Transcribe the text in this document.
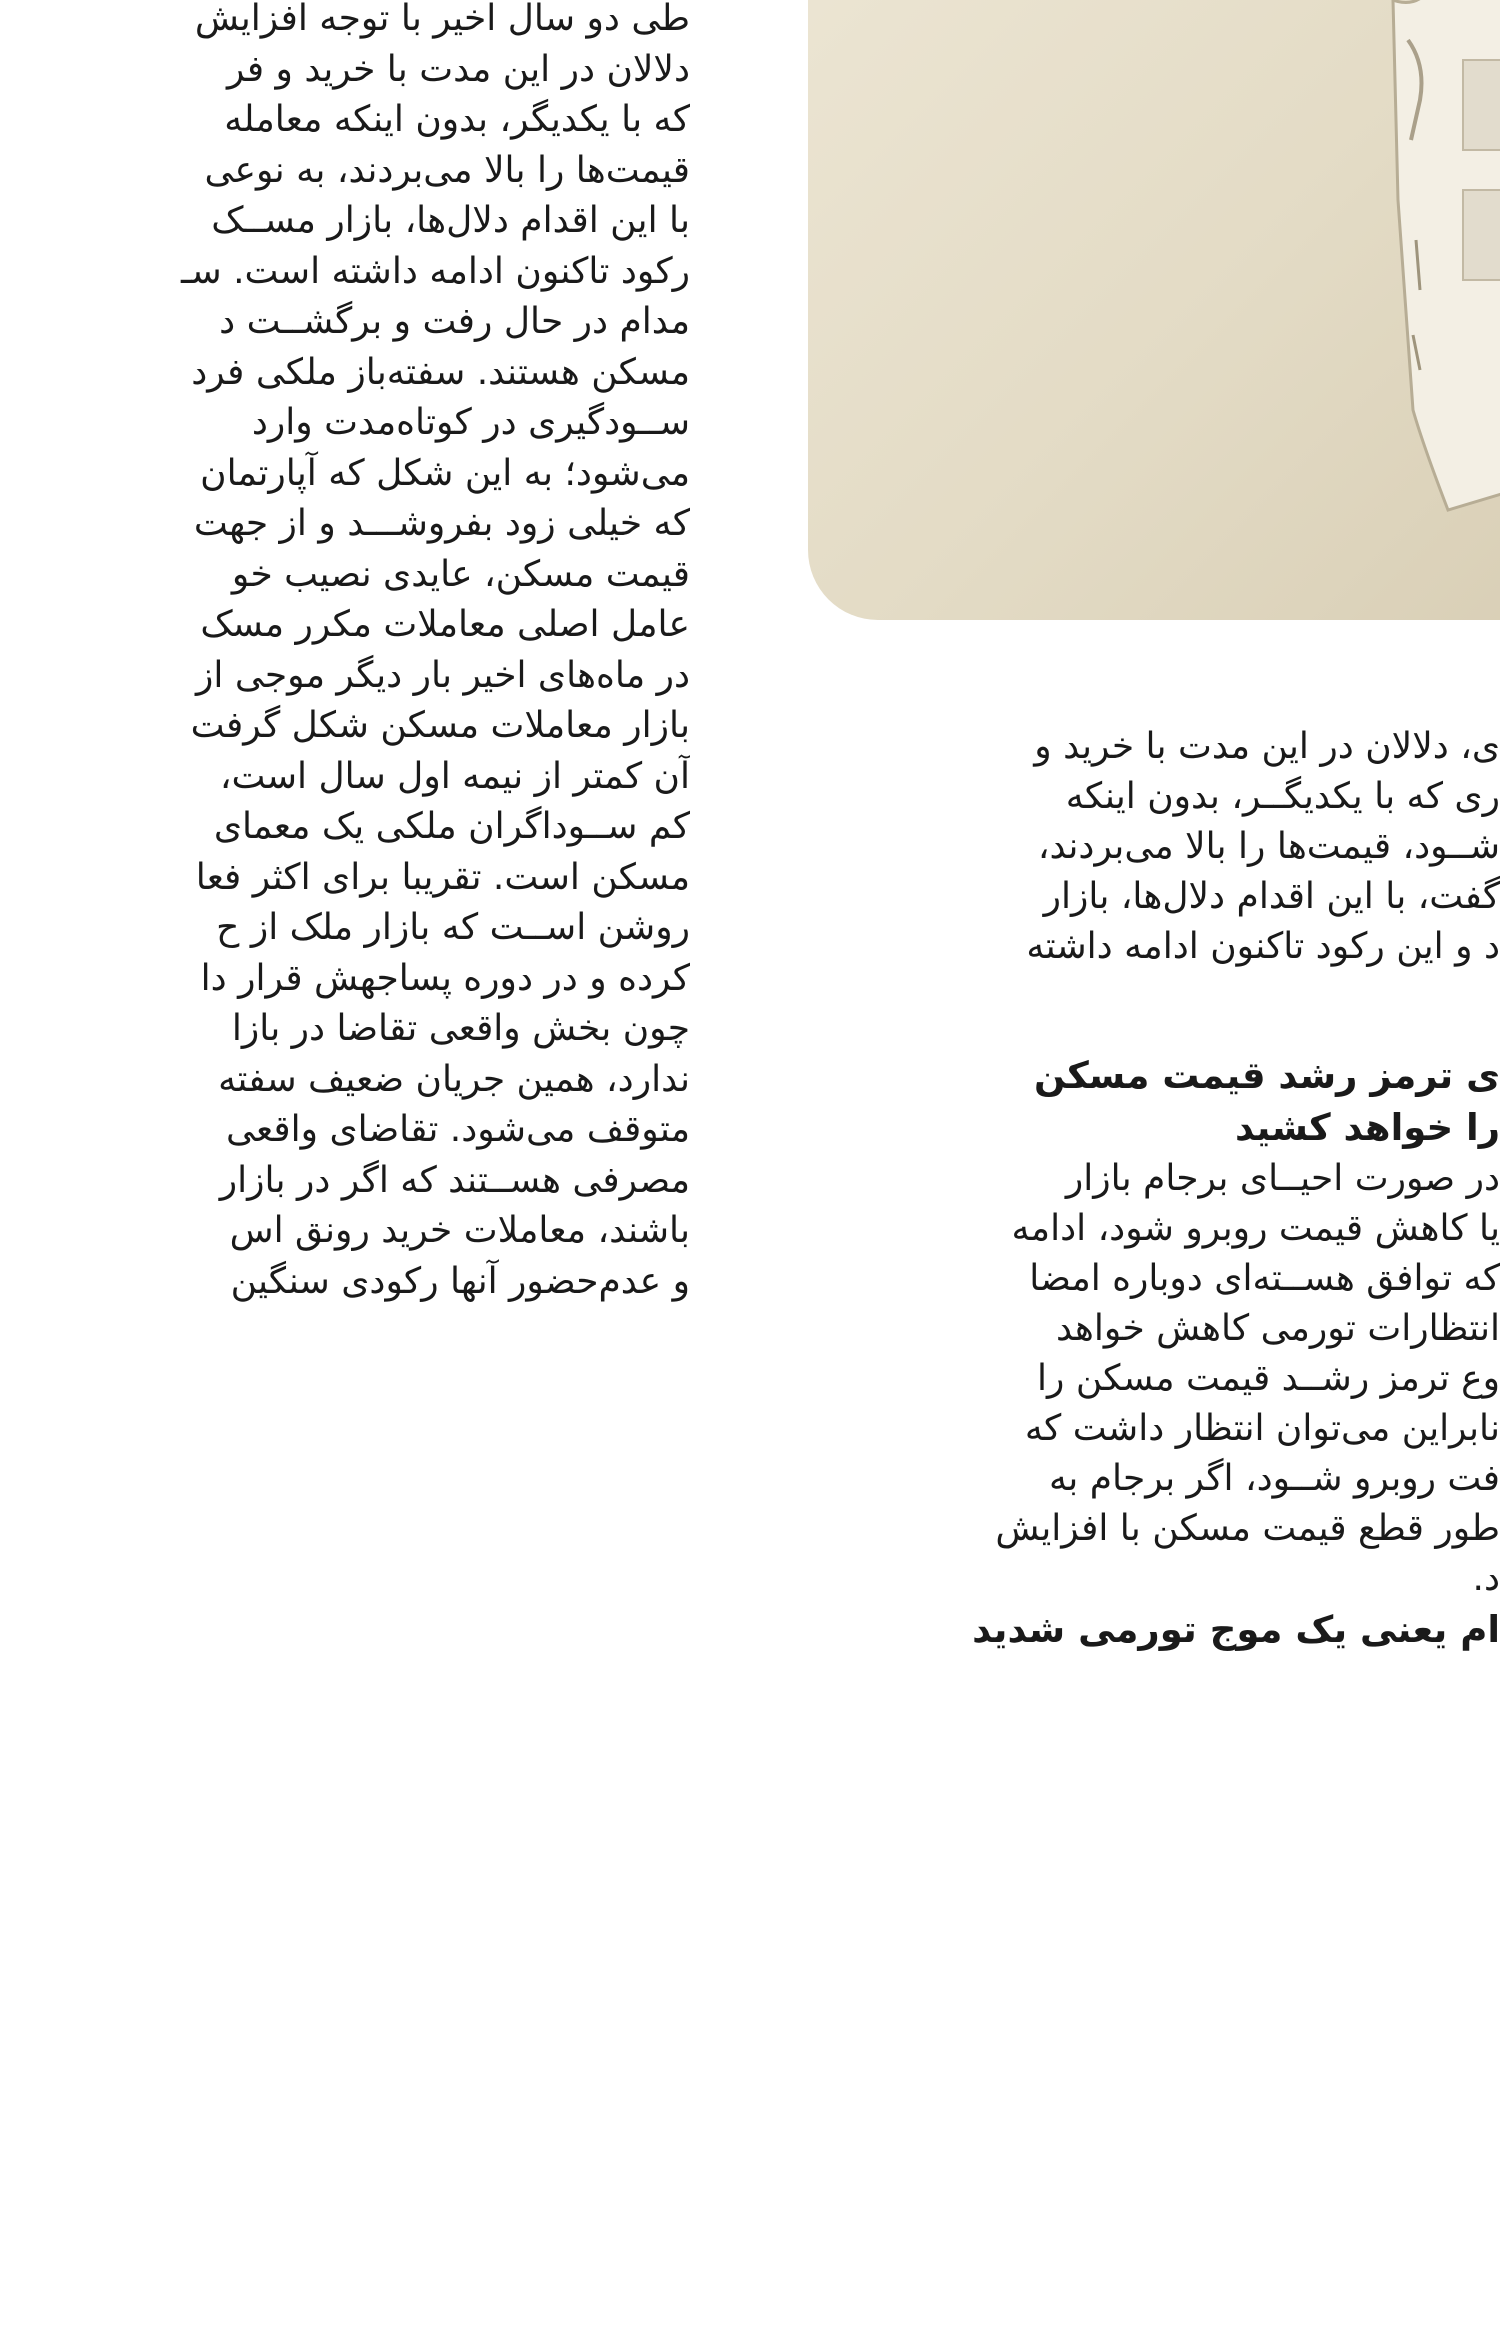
طی دو سال اخیر با توجه افزایش
دلالان در این مدت با خرید و فر
که با یکدیگر، بدون اینکه معامله
قیمت‌ها را بالا می‌بردند، به نوعی
با این اقدام دلال‌ها، بازار مســک
رکود تاکنون ادامه داشته است. سـ
مدام در حال رفت و برگشــت د
مسکن هستند. سفته‌باز ملکی فرد
ســودگیری در کوتاه‌مدت وارد
می‌شود؛ به این شکل که آپارتمان
که خیلی زود بفروشـــد و از جهت
قیمت مسکن، عایدی نصیب خو
عامل اصلی معاملات مکرر مسک
در ماه‌های اخیر بار دیگر موجی از
بازار معاملات مسکن شکل گرفت
آن کمتر از نیمه اول سال است،
کم ســوداگران ملکی یک معمای
مسکن است. تقریبا برای اکثر فعا
روشن اســت که بازار ملک از ح
کرده و در دوره پساجهش قرار دا
چون بخش واقعی تقاضا در بازا
ندارد، همین جریان ضعیف سفته
متوقف می‌شود. تقاضای واقعی
مصرفی هســتند که اگر در بازار
باشند، معاملات خرید رونق اس
و عدم‌حضور آنها رکودی سنگین
ی، دلالان در این مدت با خرید و
ری که با یکدیگــر، بدون اینکه
شــود، قیمت‌ها را بالا می‌بردند،
گفت، با این اقدام دلال‌ها، بازار
د و این رکود تاکنون ادامه داشته
ی ترمز رشد قیمت مسکن
را خواهد کشید
در صورت احیــای برجام بازار
یا کاهش قیمت روبرو شود، ادامه
که توافق هســته‌ای دوباره امضا
انتظارات تورمی کاهش خواهد
وع ترمز رشــد قیمت مسکن را
نابراین می‌توان انتظار داشت که
فت روبرو شــود، اگر برجام به
طور قطع قیمت مسکن با افزایش
د.
ام یعنی یک موج تورمی شدید
